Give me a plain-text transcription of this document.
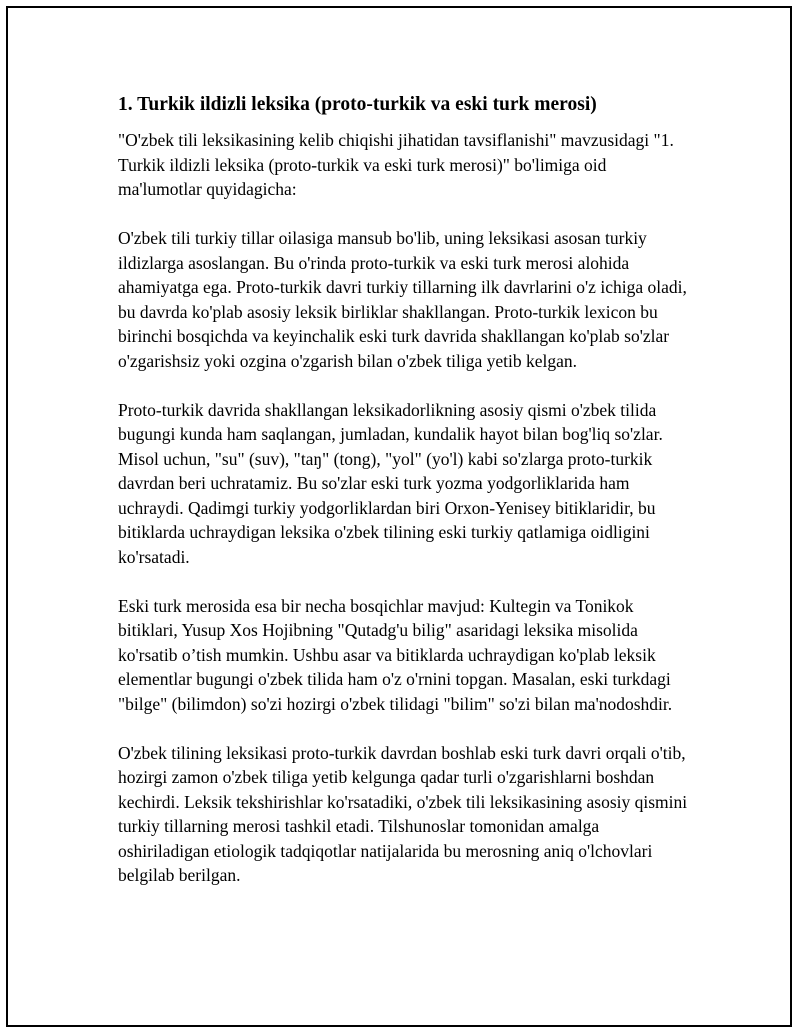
1. Turkik ildizli leksika (proto-turkik va eski turk merosi)

"O'zbek tili leksikasining kelib chiqishi jihatidan tavsiflanishi" mavzusidagi "1. Turkik ildizli leksika (proto-turkik va eski turk merosi)" bo'limiga oid ma'lumotlar quyidagicha:

O'zbek tili turkiy tillar oilasiga mansub bo'lib, uning leksikasi asosan turkiy ildizlarga asoslangan. Bu o'rinda proto-turkik va eski turk merosi alohida ahamiyatga ega. Proto-turkik davri turkiy tillarning ilk davrlarini o'z ichiga oladi, bu davrda ko'plab asosiy leksik birliklar shakllangan. Proto-turkik lexicon bu birinchi bosqichda va keyinchalik eski turk davrida shakllangan ko'plab so'zlar o'zgarishsiz yoki ozgina o'zgarish bilan o'zbek tiliga yetib kelgan.

Proto-turkik davrida shakllangan leksikadorlikning asosiy qismi o'zbek tilida bugungi kunda ham saqlangan, jumladan, kundalik hayot bilan bog'liq so'zlar. Misol uchun, "su" (suv), "taŋ" (tong), "yol" (yo'l) kabi so'zlarga proto-turkik davrdan beri uchratamiz. Bu so'zlar eski turk yozma yodgorliklarida ham uchraydi. Qadimgi turkiy yodgorliklardan biri Orxon-Yenisey bitiklaridir, bu bitiklarda uchraydigan leksika o'zbek tilining eski turkiy qatlamiga oidligini ko'rsatadi.

Eski turk merosida esa bir necha bosqichlar mavjud: Kultegin va Tonikok bitiklari, Yusup Xos Hojibning "Qutadg'u bilig" asaridagi leksika misolida ko'rsatib o’tish mumkin. Ushbu asar va bitiklarda uchraydigan ko'plab leksik elementlar bugungi o'zbek tilida ham o'z o'rnini topgan. Masalan, eski turkdagi "bilge" (bilimdon) so'zi hozirgi o'zbek tilidagi "bilim" so'zi bilan ma'nodoshdir.

O'zbek tilining leksikasi proto-turkik davrdan boshlab eski turk davri orqali o'tib, hozirgi zamon o'zbek tiliga yetib kelgunga qadar turli o'zgarishlarni boshdan kechirdi. Leksik tekshirishlar ko'rsatadiki, o'zbek tili leksikasining asosiy qismini turkiy tillarning merosi tashkil etadi. Tilshunoslar tomonidan amalga oshiriladigan etiologik tadqiqotlar natijalarida bu merosning aniq o'lchovlari belgilab berilgan.
